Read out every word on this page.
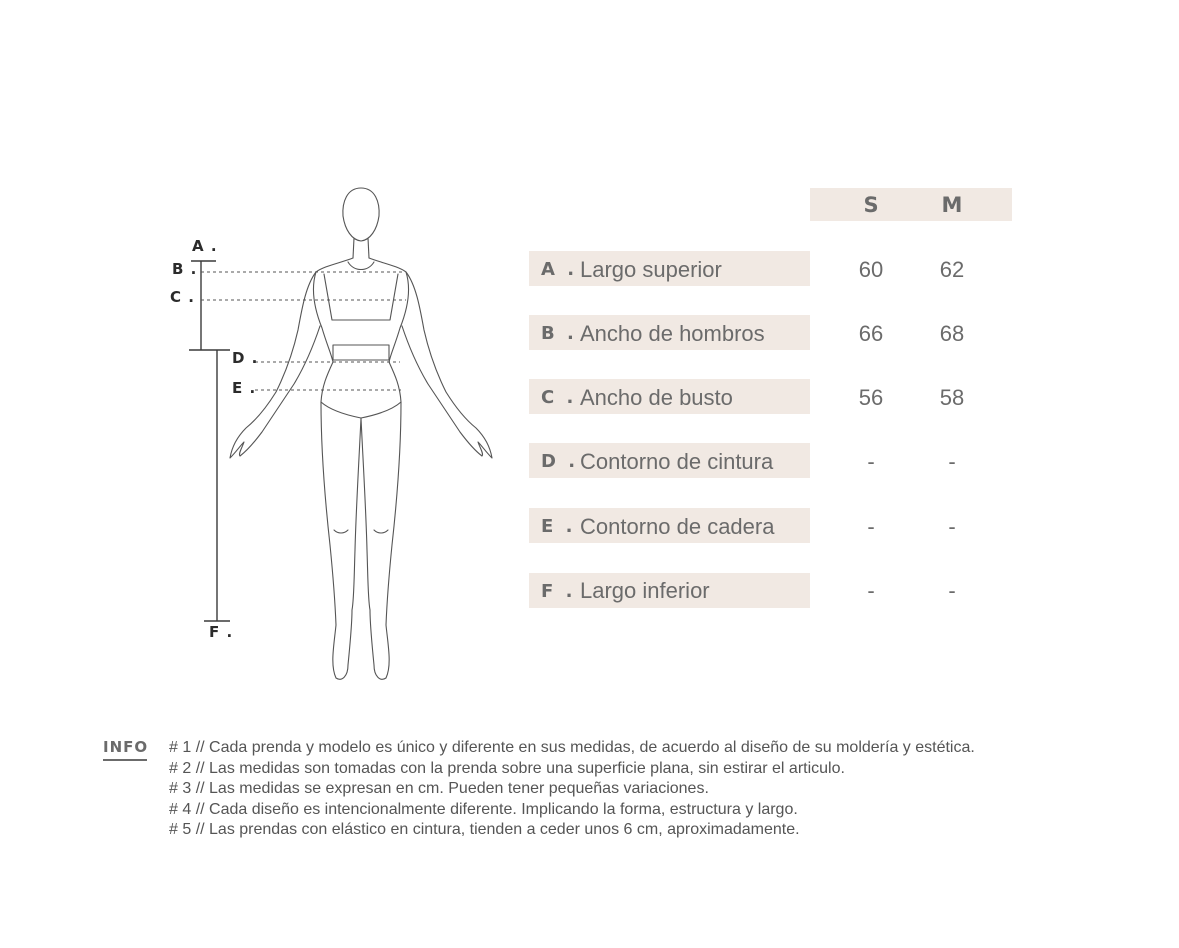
A .
B .
C .
D .
E .
F .
S	M
A . Largo superior	60	62
B . Ancho de hombros	66	68
C . Ancho de busto	56	58
D . Contorno de cintura	-	-
E . Contorno de cadera	-	-
F . Largo inferior	-	-
INFO # 1 // Cada prenda y modelo es único y diferente en sus medidas, de acuerdo al diseño de su moldería y estética.
# 2 // Las medidas son tomadas con la prenda sobre una superficie plana, sin estirar el articulo.
# 3 // Las medidas se expresan en cm. Pueden tener pequeñas variaciones.
# 4 // Cada diseño es intencionalmente diferente. Implicando la forma, estructura y largo.
# 5 // Las prendas con elástico en cintura, tienden a ceder unos 6 cm, aproximadamente.
